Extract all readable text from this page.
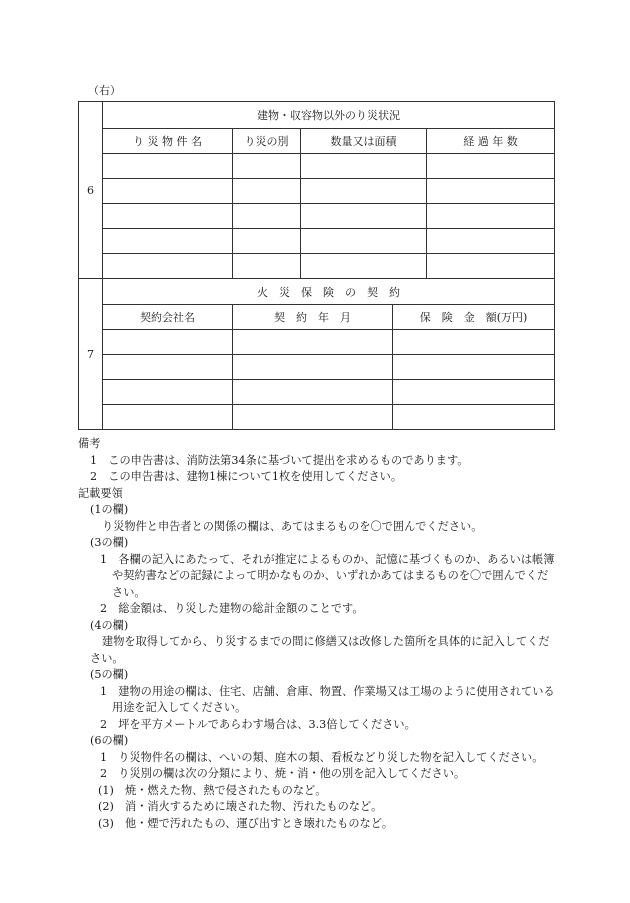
（右）
6	建物・収容物以外のり災状況			
	り 災 物 件 名	り災の別	数量又は面積	経 過 年 数

7	火　災　保　険　の　契　約		
	契約会社名	契　約　年　月	保　険　金　額(万円)

備考

1　この申告書は、消防法第34条に基づいて提出を求めるものであります。

2　この申告書は、建物1棟について1枚を使用してください。

記載要領

(1の欄)

り災物件と申告者との関係の欄は、あてはまるものを〇で囲んでください。

(3の欄)

1　各欄の記入にあたって、それが推定によるものか、記憶に基づくものか、あるいは帳簿や契約書などの記録によって明かなものか、いずれかあてはまるものを〇で囲んでください。

2　総金額は、り災した建物の総計金額のことです。

(4の欄)

建物を取得してから、り災するまでの間に修繕又は改修した箇所を具体的に記入してください。

(5の欄)

1　建物の用途の欄は、住宅、店舗、倉庫、物置、作業場又は工場のように使用されている用途を記入してください。

2　坪を平方メートルであらわす場合は、3.3倍してください。

(6の欄)

1　り災物件名の欄は、へいの類、庭木の類、看板などり災した物を記入してください。

2　り災別の欄は次の分類により、焼・消・他の別を記入してください。

(1)　焼・燃えた物、熱で侵されたものなど。

(2)　消・消火するために壊された物、汚れたものなど。

(3)　他・煙で汚れたもの、運び出すとき壊れたものなど。
